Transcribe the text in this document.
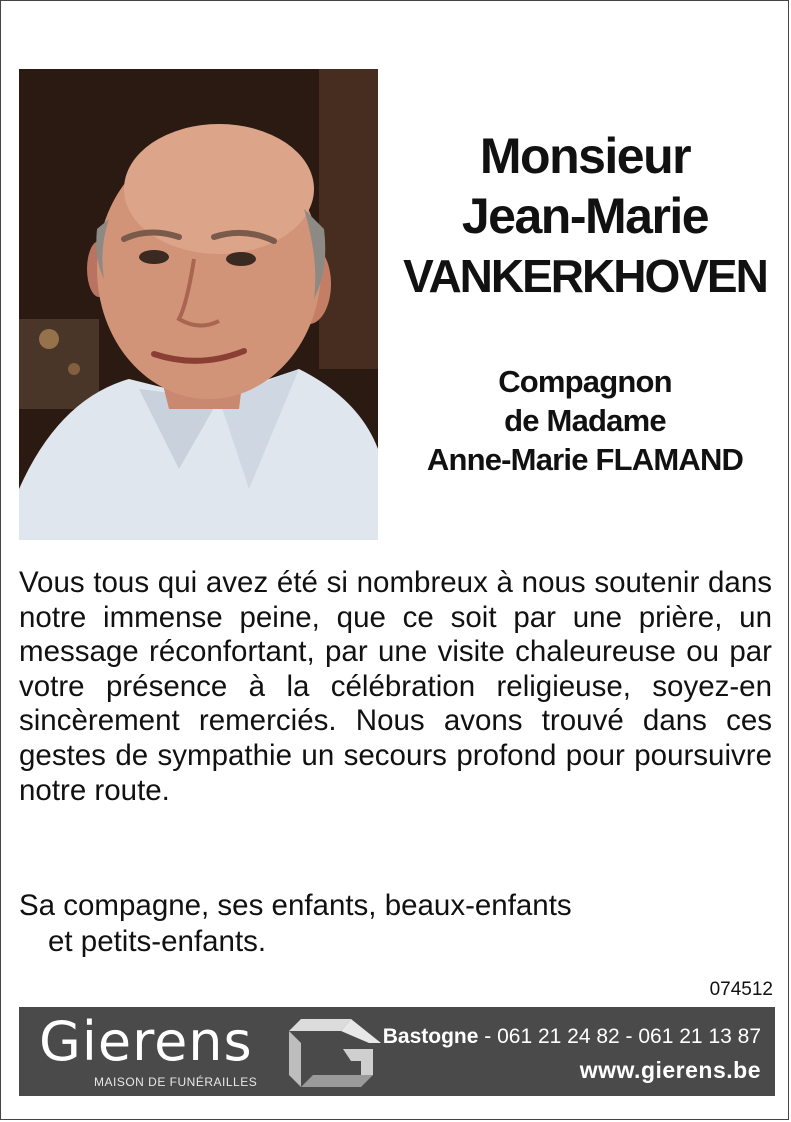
Monsieur
Jean-Marie
VANKERKHOVEN
Compagnon
de Madame
Anne-Marie FLAMAND
Vous tous qui avez été si nombreux à nous soutenir dans notre immense peine, que ce soit par une prière, un message réconfortant, par une visite chaleureuse ou par votre présence à la célébration religieuse, soyez-en sincèrement remerciés. Nous avons trouvé dans ces gestes de sympathie un secours profond pour poursuivre notre route.
Sa compagne, ses enfants, beaux-enfants
et petits-enfants.
074512
Gierens
MAISON DE FUNÉRAILLES
Bastogne - 061 21 24 82 - 061 21 13 87
www.gierens.be
